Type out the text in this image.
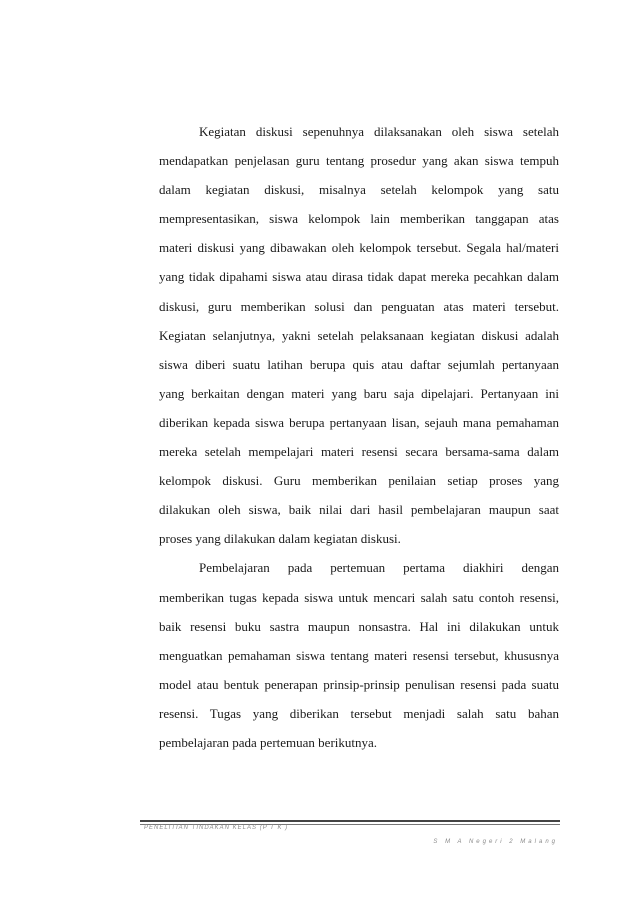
Kegiatan diskusi sepenuhnya dilaksanakan oleh siswa setelah
mendapatkan penjelasan guru tentang prosedur yang akan siswa tempuh
dalam kegiatan diskusi, misalnya setelah kelompok yang satu
mempresentasikan, siswa kelompok lain memberikan tanggapan atas
materi diskusi yang dibawakan oleh kelompok tersebut. Segala hal/materi
yang tidak dipahami siswa atau dirasa tidak dapat mereka pecahkan dalam
diskusi, guru memberikan solusi dan penguatan atas materi tersebut.
Kegiatan selanjutnya, yakni setelah pelaksanaan kegiatan diskusi adalah
siswa diberi suatu latihan berupa quis atau daftar sejumlah pertanyaan
yang berkaitan dengan materi yang baru saja dipelajari. Pertanyaan ini
diberikan kepada siswa berupa pertanyaan lisan, sejauh mana pemahaman
mereka setelah mempelajari materi resensi secara bersama-sama dalam
kelompok diskusi. Guru memberikan penilaian setiap proses yang
dilakukan oleh siswa, baik nilai dari hasil pembelajaran maupun saat
proses yang dilakukan dalam kegiatan diskusi.
Pembelajaran pada pertemuan pertama diakhiri dengan
memberikan tugas kepada siswa untuk mencari salah satu contoh resensi,
baik resensi buku sastra maupun nonsastra. Hal ini dilakukan untuk
menguatkan pemahaman siswa tentang materi resensi tersebut, khususnya
model atau bentuk penerapan prinsip-prinsip penulisan resensi pada suatu
resensi. Tugas yang diberikan tersebut menjadi salah satu bahan
pembelajaran pada pertemuan berikutnya.
PENELITIAN TINDAKAN KELAS (P T K )
S M A Negeri 2 Malang
